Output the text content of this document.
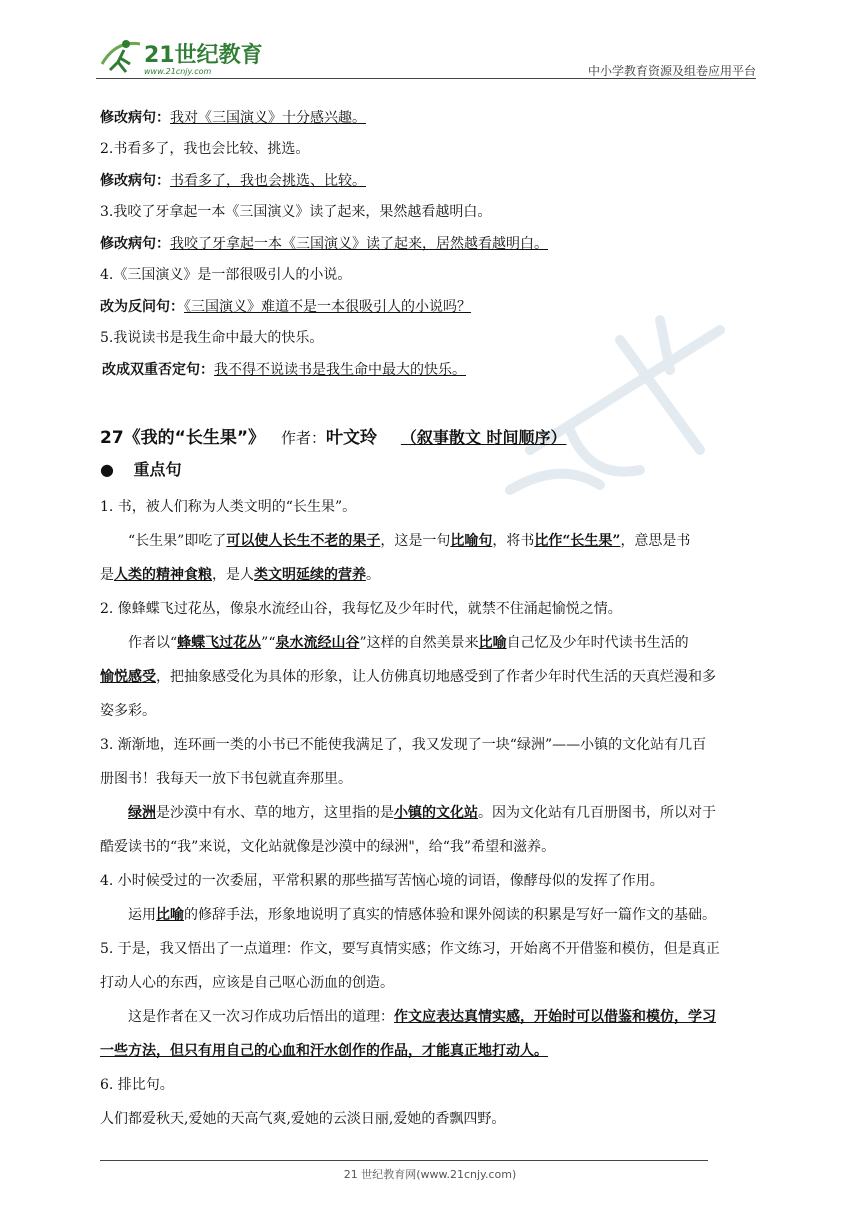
21世纪教育
www.21cnjy.com	中小学教育资源及组卷应用平台
修改病句：我对《三国演义》十分感兴趣。
2.书看多了，我也会比较、挑选。
修改病句：书看多了，我也会挑选、比较。
3.我咬了牙拿起一本《三国演义》读了起来，果然越看越明白。
修改病句：我咬了牙拿起一本《三国演义》读了起来，居然越看越明白。
4.《三国演义》是一部很吸引人的小说。
改为反问句：《三国演义》难道不是一本很吸引人的小说吗？
5.我说读书是我生命中最大的快乐。
改成双重否定句：我不得不说读书是我生命中最大的快乐。
27《我的“长生果”》 作者：叶文玲 （叙事散文 时间顺序）
● 重点句
1. 书，被人们称为人类文明的“长生果”。
“长生果”即吃了可以使人长生不老的果子，这是一句比喻句，将书比作“长生果”，意思是书
是人类的精神食粮，是人类文明延续的营养。
2. 像蜂蝶飞过花丛，像泉水流经山谷，我每忆及少年时代，就禁不住涌起愉悦之情。
作者以“蜂蝶飞过花丛”“泉水流经山谷”这样的自然美景来比喻自己忆及少年时代读书生活的
愉悦感受，把抽象感受化为具体的形象，让人仿佛真切地感受到了作者少年时代生活的天真烂漫和多
姿多彩。
3. 渐渐地，连环画一类的小书已不能使我满足了，我又发现了一块“绿洲”——小镇的文化站有几百
册图书！我每天一放下书包就直奔那里。
绿洲是沙漠中有水、草的地方，这里指的是小镇的文化站。因为文化站有几百册图书，所以对于
酷爱读书的“我”来说，文化站就像是沙漠中的绿洲"，给“我”希望和滋养。
4. 小时候受过的一次委屈，平常积累的那些描写苦恼心境的词语，像酵母似的发挥了作用。
运用比喻的修辞手法，形象地说明了真实的情感体验和课外阅读的积累是写好一篇作文的基础。
5. 于是，我又悟出了一点道理：作文，要写真情实感；作文练习，开始离不开借鉴和模仿，但是真正
打动人心的东西，应该是自己呕心沥血的创造。
这是作者在又一次习作成功后悟出的道理：作文应表达真情实感，开始时可以借鉴和模仿，学习
一些方法，但只有用自己的心血和汗水创作的作品，才能真正地打动人。
6. 排比句。
人们都爱秋天,爱她的天高气爽,爱她的云淡日丽,爱她的香飘四野。
21 世纪教育网(www.21cnjy.com)
